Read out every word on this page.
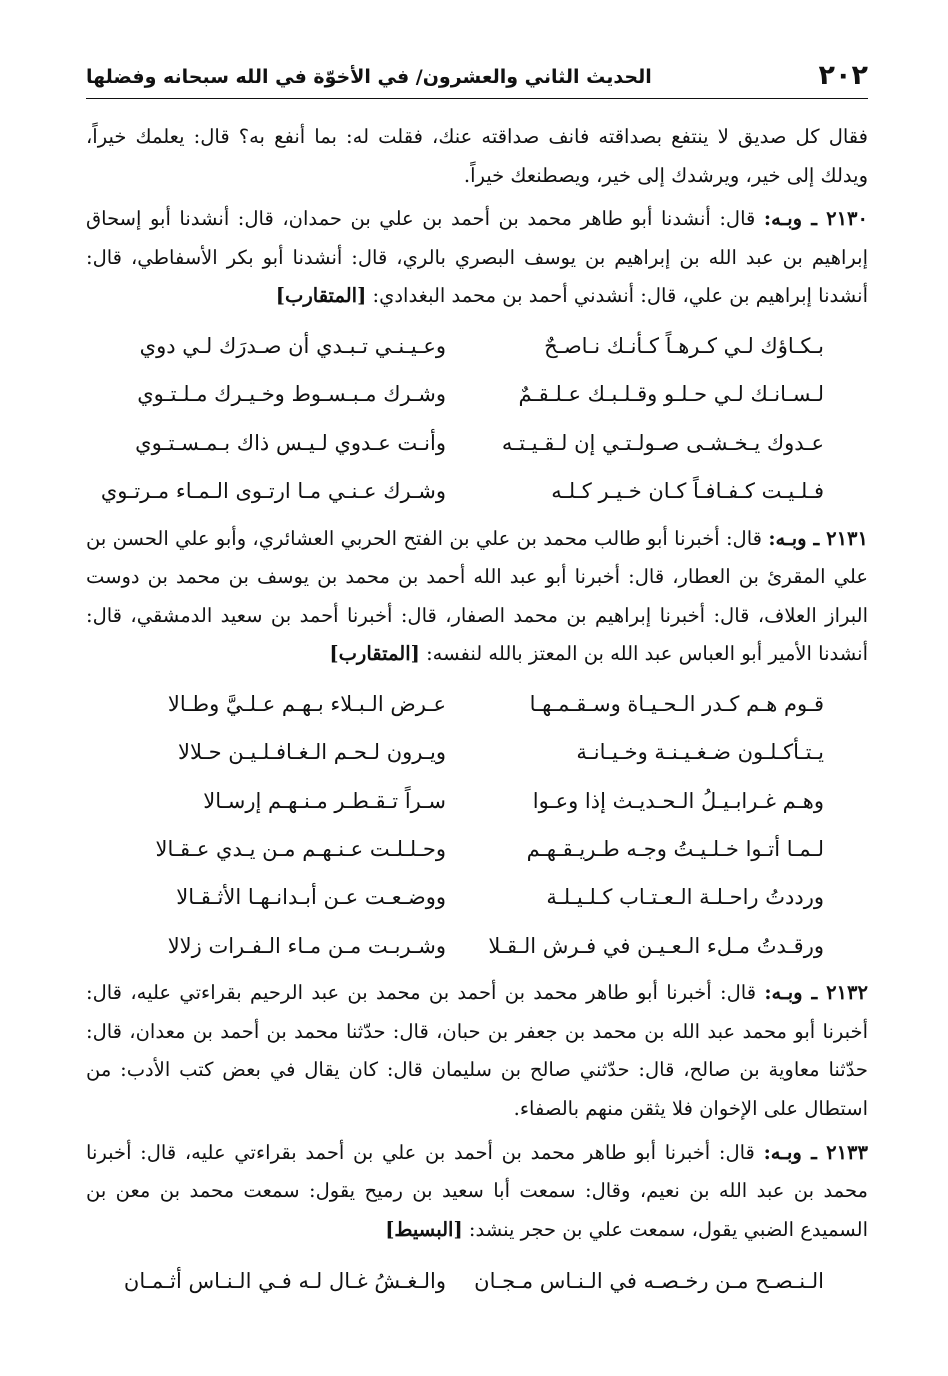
٢٠٢
الحديث الثاني والعشرون/ في الأخوّة في الله سبحانه وفضلها

فقال كل صديق لا ينتفع بصداقته فانف صداقته عنك، فقلت له: بما أنفع به؟ قال: يعلمك خيراً، ويدلك إلى خير، ويرشدك إلى خير، ويصطنعك خيراً.

٢١٣٠ ـ وبـه: قال: أنشدنا أبو طاهر محمد بن أحمد بن علي بن حمدان، قال: أنشدنا أبو إسحاق إبراهيم بن عبد الله بن إبراهيم بن يوسف البصري بالري، قال: أنشدنا أبو بكر الأسفاطي، قال: أنشدنا إبراهيم بن علي، قال: أنشدني أحمد بن محمد البغدادي: [المتقارب]

بـكـاؤك لـي كـرهـاً كـأنـك نـاصـحٌ
وعـيـنـي تـبـدي أن صـدرَك لـي دوي
لـسـانـك لـي حـلـو وقـلـبـك عـلـقـمٌ
وشـرك مـبـسـوط وخـيـرك مـلـتـوي
عـدوك يـخـشـى صـولـتـي إن لـقـيـتـه
وأنـت عـدوي لـيـس ذاك بـمـسـتـوي
فـلـيـت كـفـافـاً كـان خـيـر كـلـه
وشـرك عـنـي مـا ارتـوى الـمـاء مـرتـوي

٢١٣١ ـ وبـه: قال: أخبرنا أبو طالب محمد بن علي بن الفتح الحربي العشائري، وأبو علي الحسن بن علي المقرئ بن العطار، قال: أخبرنا أبو عبد الله أحمد بن محمد بن يوسف بن محمد بن دوست البراز العلاف، قال: أخبرنا إبراهيم بن محمد الصفار، قال: أخبرنا أحمد بن سعيد الدمشقي، قال: أنشدنا الأمير أبو العباس عبد الله بن المعتز بالله لنفسه: [المتقارب]

قـوم هـم كـدر الـحـيـاة وسـقـمـهـا
عـرض الـبـلاء بـهـم عـلـيَّ وطـالا
يـتـأكـلـون ضـغـيـنـة وخـيـانـة
ويـرون لـحـم الـغـافـلـيـن حـلالا
وهـم غـرابـيـلُ الـحـديـث إذا وعـوا
سـراً تـقـطـر مـنـهـم إرسـالا
لـمـا أتـوا خـلـيـتُ وجـه طـريـقـهـم
وحـلـلـت عـنـهـم مـن يـدي عـقـالا
ورددتُ راحـلـة الـعـتـاب كـلـيـلـة
ووضـعـت عـن أبـدانـهـا الأثـقـالا
ورقـدتُ مـلء الـعـيـن في فـرش الـقـلا
وشـربـت مـن مـاء الـفـرات زلالا

٢١٣٢ ـ وبـه: قال: أخبرنا أبو طاهر محمد بن أحمد بن محمد بن عبد الرحيم بقراءتي عليه، قال: أخبرنا أبو محمد عبد الله بن محمد بن جعفر بن حبان، قال: حدّثنا محمد بن أحمد بن معدان، قال: حدّثنا معاوية بن صالح، قال: حدّثني صالح بن سليمان قال: كان يقال في بعض كتب الأدب: من استطال على الإخوان فلا يثقن منهم بالصفاء.

٢١٣٣ ـ وبـه: قال: أخبرنا أبو طاهر محمد بن أحمد بن علي بن أحمد بقراءتي عليه، قال: أخبرنا محمد بن عبد الله بن نعيم، وقال: سمعت أبا سعيد بن رميح يقول: سمعت محمد بن معن بن السميدع الضبي يقول، سمعت علي بن حجر ينشد: [البسيط]

الـنـصـح مـن رخـصـه في الـنـاس مـجـان
والـغـشُ غـال لـه فـي الـنـاس أثـمـان
